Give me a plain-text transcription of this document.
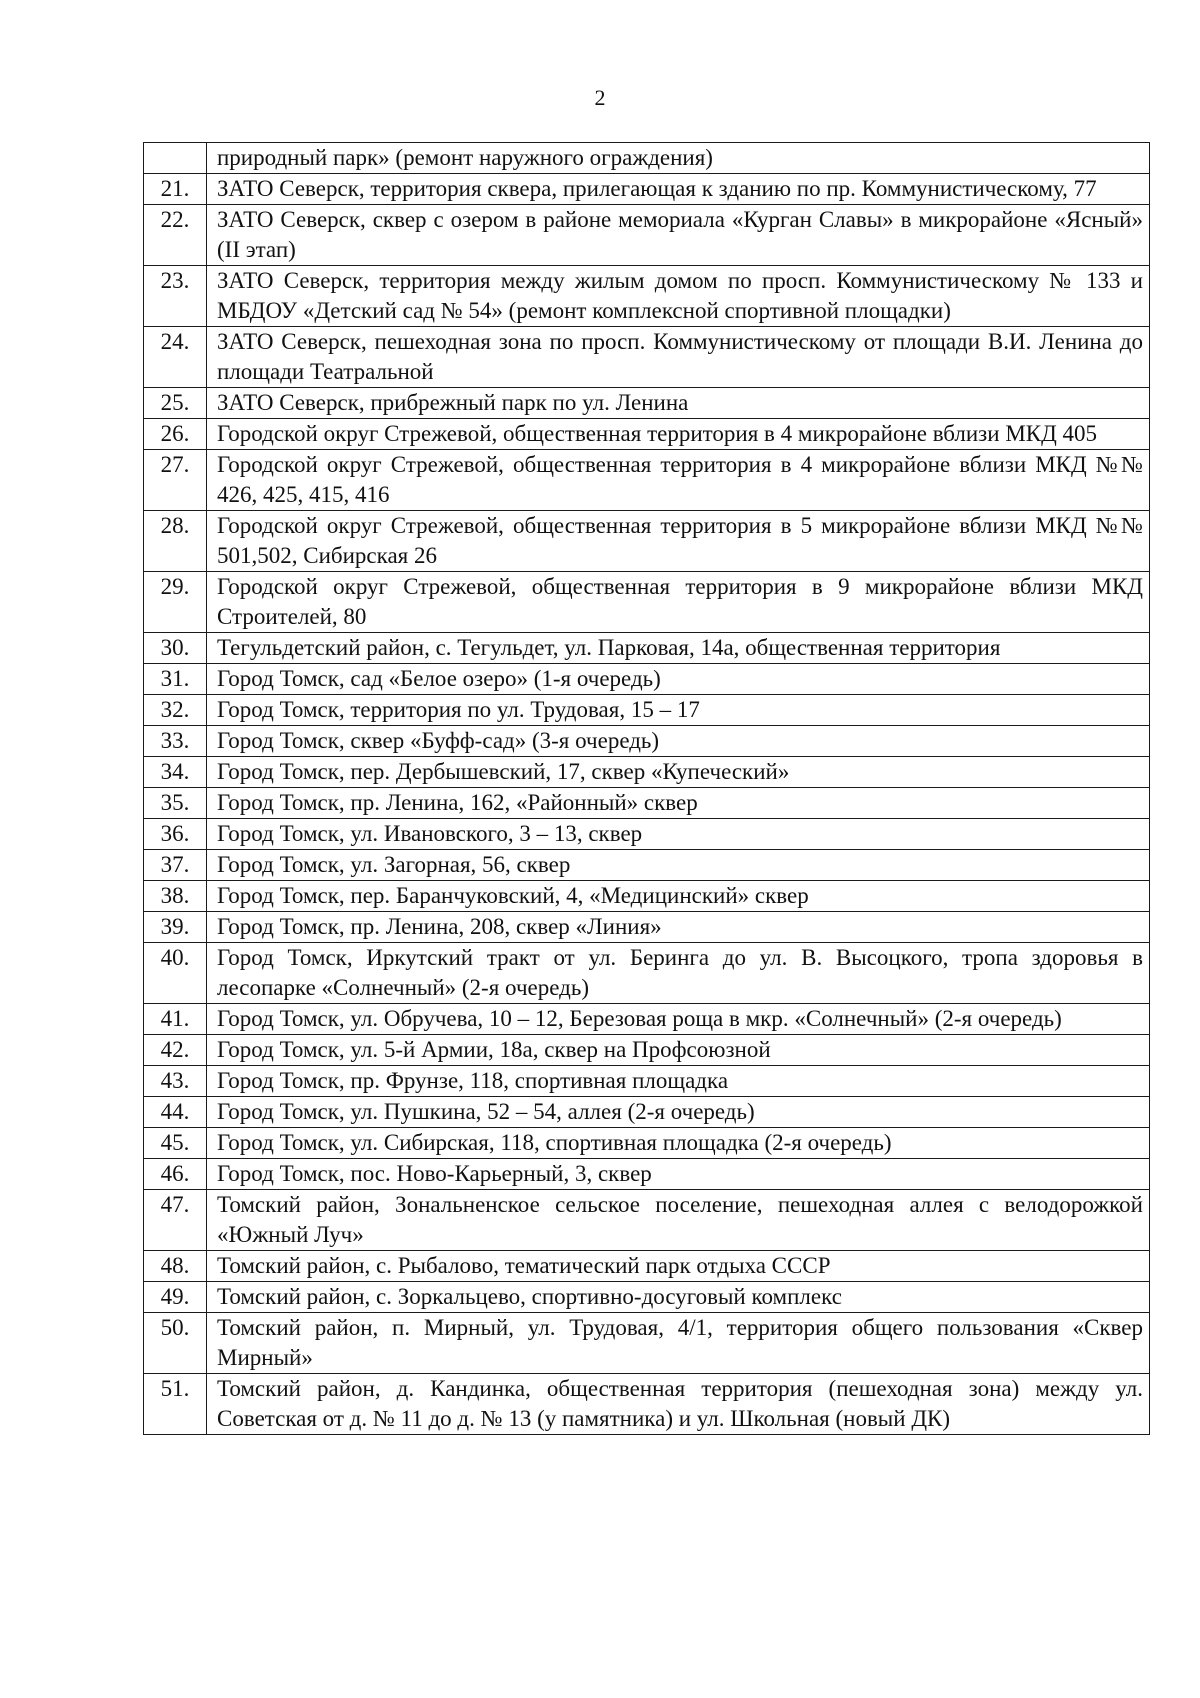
2
	природный парк» (ремонт наружного ограждения)
21.	ЗАТО Северск, территория сквера, прилегающая к зданию по пр. Коммунистическому, 77
22.	ЗАТО Северск, сквер с озером в районе мемориала «Курган Славы» в микрорайоне «Ясный» (II этап)
23.	ЗАТО Северск, территория между жилым домом по просп. Коммунистическому № 133 и МБДОУ «Детский сад № 54» (ремонт комплексной спортивной площадки)
24.	ЗАТО Северск, пешеходная зона по просп. Коммунистическому от площади В.И. Ленина до площади Театральной
25.	ЗАТО Северск, прибрежный парк по ул. Ленина
26.	Городской округ Стрежевой, общественная территория в 4 микрорайоне вблизи МКД 405
27.	Городской округ Стрежевой, общественная территория в 4 микрорайоне вблизи МКД №№ 426, 425, 415, 416
28.	Городской округ Стрежевой, общественная территория в 5 микрорайоне вблизи МКД №№ 501,502, Сибирская 26
29.	Городской округ Стрежевой, общественная территория в 9 микрорайоне вблизи МКД Строителей, 80
30.	Тегульдетский район, с. Тегульдет, ул. Парковая, 14а, общественная территория
31.	Город Томск, сад «Белое озеро» (1-я очередь)
32.	Город Томск, территория по ул. Трудовая, 15 – 17
33.	Город Томск, сквер «Буфф-сад» (3-я очередь)
34.	Город Томск, пер. Дербышевский, 17, сквер «Купеческий»
35.	Город Томск, пр. Ленина, 162, «Районный» сквер
36.	Город Томск, ул. Ивановского, 3 – 13, сквер
37.	Город Томск, ул. Загорная, 56, сквер
38.	Город Томск, пер. Баранчуковский, 4, «Медицинский» сквер
39.	Город Томск, пр. Ленина, 208, сквер «Линия»
40.	Город Томск, Иркутский тракт от ул. Беринга до ул. В. Высоцкого, тропа здоровья в лесопарке «Солнечный» (2-я очередь)
41.	Город Томск, ул. Обручева, 10 – 12, Березовая роща в мкр. «Солнечный» (2-я очередь)
42.	Город Томск, ул. 5-й Армии, 18а, сквер на Профсоюзной
43.	Город Томск, пр. Фрунзе, 118, спортивная площадка
44.	Город Томск, ул. Пушкина, 52 – 54, аллея (2-я очередь)
45.	Город Томск, ул. Сибирская, 118, спортивная площадка (2-я очередь)
46.	Город Томск, пос. Ново-Карьерный, 3, сквер
47.	Томский район, Зональненское сельское поселение, пешеходная аллея с велодорожкой «Южный Луч»
48.	Томский район, с. Рыбалово, тематический парк отдыха СССР
49.	Томский район, с. Зоркальцево, спортивно-досуговый комплекс
50.	Томский район, п. Мирный, ул. Трудовая, 4/1, территория общего пользования «Сквер Мирный»
51.	Томский район, д. Кандинка, общественная территория (пешеходная зона) между ул. Советская от д. № 11 до д. № 13 (у памятника) и ул. Школьная (новый ДК)
